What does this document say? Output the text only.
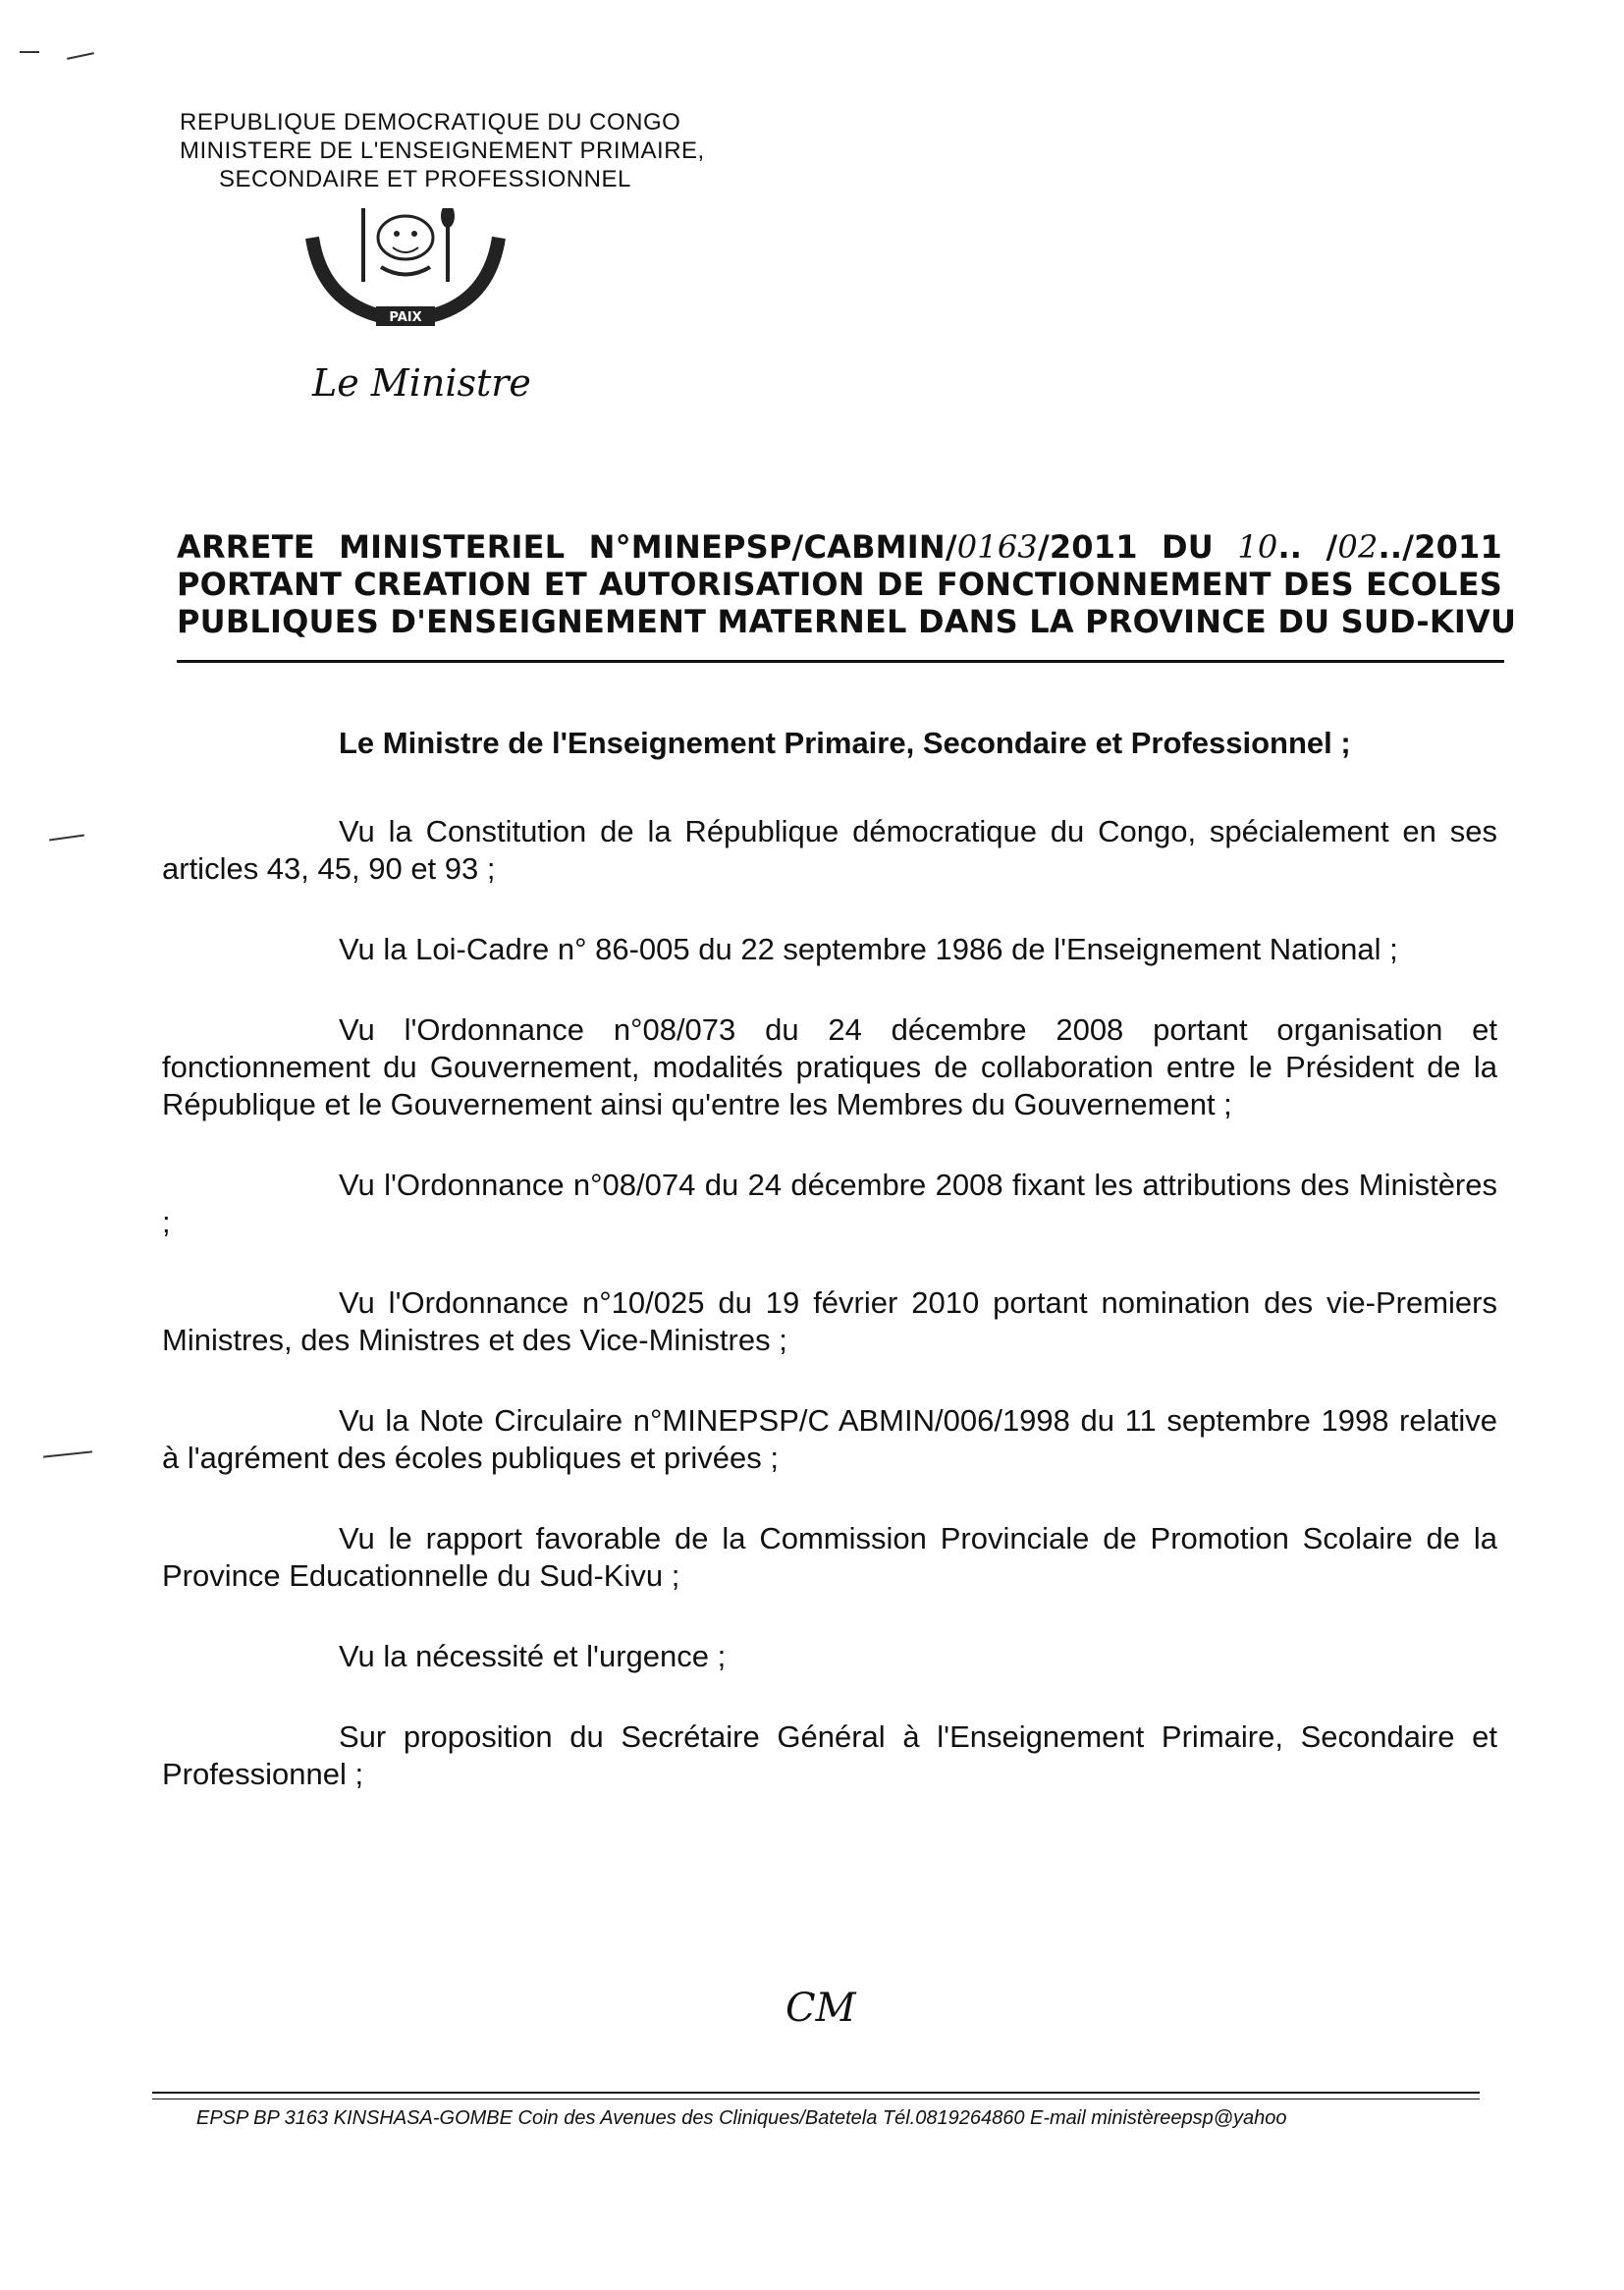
REPUBLIQUE DEMOCRATIQUE DU CONGO
MINISTERE DE L'ENSEIGNEMENT PRIMAIRE,
SECONDAIRE ET PROFESSIONNEL
PAIX
Le Ministre
ARRETE MINISTERIEL N°MINEPSP/CABMIN/0163/2011 DU 10.. /02../2011
PORTANT CREATION ET AUTORISATION DE FONCTIONNEMENT DES ECOLES
PUBLIQUES D'ENSEIGNEMENT MATERNEL DANS LA PROVINCE DU SUD-KIVU

Le Ministre de l'Enseignement Primaire, Secondaire et Professionnel ;

Vu la Constitution de la République démocratique du Congo, spécialement en ses articles 43, 45, 90 et 93 ;

Vu la Loi-Cadre n° 86-005 du 22 septembre 1986 de l'Enseignement National ;

Vu l'Ordonnance n°08/073 du 24 décembre 2008 portant organisation et fonctionnement du Gouvernement, modalités pratiques de collaboration entre le Président de la République et le Gouvernement ainsi qu'entre les Membres du Gouvernement ;

Vu l'Ordonnance n°08/074 du 24 décembre 2008 fixant les attributions des Ministères ;

Vu l'Ordonnance n°10/025 du 19 février 2010 portant nomination des vie-Premiers Ministres, des Ministres et des Vice-Ministres ;

Vu la Note Circulaire n°MINEPSP/C ABMIN/006/1998 du 11 septembre 1998 relative à l'agrément des écoles publiques et privées ;

Vu le rapport favorable de la Commission Provinciale de Promotion Scolaire de la Province Educationnelle du Sud-Kivu ;

Vu la nécessité et l'urgence ;

Sur proposition du Secrétaire Général à l'Enseignement Primaire, Secondaire et Professionnel ;

CM
EPSP BP 3163 KINSHASA-GOMBE Coin des Avenues des Cliniques/Batetela Tél.0819264860 E-mail ministèreepsp@yahoo
